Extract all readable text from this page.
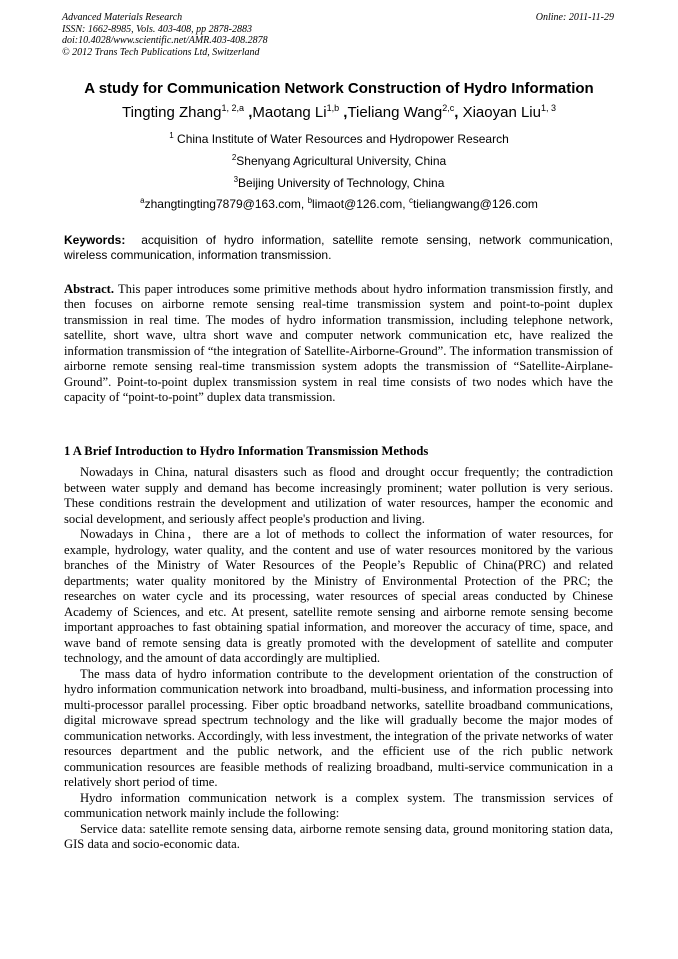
Advanced Materials Research
ISSN: 1662-8985, Vols. 403-408, pp 2878-2883
doi:10.4028/www.scientific.net/AMR.403-408.2878
© 2012 Trans Tech Publications Ltd, Switzerland
Online: 2011-11-29
A study for Communication Network Construction of Hydro Information
Tingting Zhang$^{1, 2,a}$ ,Maotang Li$^{1,b}$ ,Tieliang Wang$^{2,c}$, Xiaoyan Liu$^{1, 3}$
$^1$ China Institute of Water Resources and Hydropower Research
$^2$Shenyang Agricultural University, China
$^3$Beijing University of Technology, China
$^a$zhangtingting7879@163.com, $^b$limaot@126.com, $^c$tieliangwang@126.com
Keywords: acquisition of hydro information, satellite remote sensing, network communication, wireless communication, information transmission.
Abstract. This paper introduces some primitive methods about hydro information transmission firstly, and then focuses on airborne remote sensing real-time transmission system and point-to-point duplex transmission in real time. The modes of hydro information transmission, including telephone network, satellite, short wave, ultra short wave and computer network communication etc, have realized the information transmission of “the integration of Satellite-Airborne-Ground”. The information transmission of airborne remote sensing real-time transmission system adopts the transmission of “Satellite-Airplane-Ground”. Point-to-point duplex transmission system in real time consists of two nodes which have the capacity of “point-to-point” duplex data transmission.
1 A Brief Introduction to Hydro Information Transmission Methods

Nowadays in China, natural disasters such as flood and drought occur frequently; the contradiction between water supply and demand has become increasingly prominent; water pollution is very serious. These conditions restrain the development and utilization of water resources, hamper the economic and social development, and seriously affect people's production and living.

Nowadays in China，there are a lot of methods to collect the information of water resources, for example, hydrology, water quality, and the content and use of water resources monitored by the various branches of the Ministry of Water Resources of the People’s Republic of China(PRC) and related departments; water quality monitored by the Ministry of Environmental Protection of the PRC; the researches on water cycle and its processing, water resources of special areas conducted by Chinese Academy of Sciences, and etc. At present, satellite remote sensing and airborne remote sensing become important approaches to fast obtaining spatial information, and moreover the accuracy of time, space, and wave band of remote sensing data is greatly promoted with the development of satellite and computer technology, and the amount of data accordingly are multiplied.

The mass data of hydro information contribute to the development orientation of the construction of hydro information communication network into broadband, multi-business, and information processing into multi-processor parallel processing. Fiber optic broadband networks, satellite broadband communications, digital microwave spread spectrum technology and the like will gradually become the major modes of communication networks. Accordingly, with less investment, the integration of the private networks of water resources department and the public network, and the efficient use of the rich public network communication resources are feasible methods of realizing broadband, multi-service communication in a relatively short period of time.

Hydro information communication network is a complex system. The transmission services of communication network mainly include the following:

Service data: satellite remote sensing data, airborne remote sensing data, ground monitoring station data, GIS data and socio-economic data.
